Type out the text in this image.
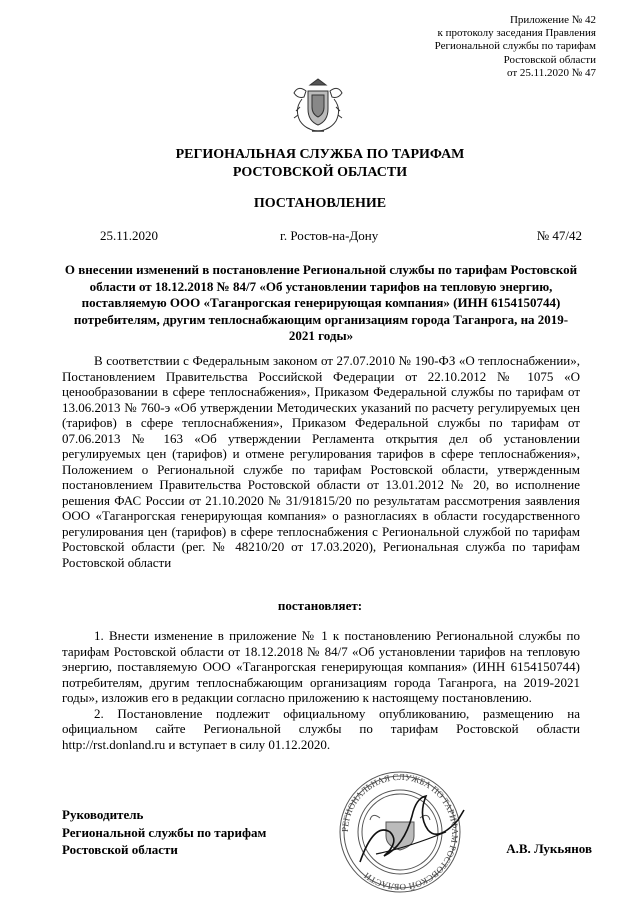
Приложение № 42
к протоколу заседания Правления
Региональной службы по тарифам
Ростовской области
от 25.11.2020 № 47
РЕГИОНАЛЬНАЯ СЛУЖБА ПО ТАРИФАМ
РОСТОВСКОЙ ОБЛАСТИ
ПОСТАНОВЛЕНИЕ
25.11.2020	г. Ростов-на-Дону	№ 47/42
О внесении изменений в постановление Региональной службы по тарифам Ростовской области от 18.12.2018 № 84/7 «Об установлении тарифов на тепловую энергию, поставляемую ООО «Таганрогская генерирующая компания» (ИНН 6154150744) потребителям, другим теплоснабжающим организациям города Таганрога, на 2019-2021 годы»
В соответствии с Федеральным законом от 27.07.2010 № 190-ФЗ «О теплоснабжении», Постановлением Правительства Российской Федерации от 22.10.2012 № 1075 «О ценообразовании в сфере теплоснабжения», Приказом Федеральной службы по тарифам от 13.06.2013 № 760-э «Об утверждении Методических указаний по расчету регулируемых цен (тарифов) в сфере теплоснабжения», Приказом Федеральной службы по тарифам от 07.06.2013 № 163 «Об утверждении Регламента открытия дел об установлении регулируемых цен (тарифов) и отмене регулирования тарифов в сфере теплоснабжения», Положением о Региональной службе по тарифам Ростовской области, утвержденным постановлением Правительства Ростовской области от 13.01.2012 № 20, во исполнение решения ФАС России от 21.10.2020 № 31/91815/20 по результатам рассмотрения заявления ООО «Таганрогская генерирующая компания» о разногласиях в области государственного регулирования цен (тарифов) в сфере теплоснабжения с Региональной службой по тарифам Ростовской области (рег. № 48210/20 от 17.03.2020), Региональная служба по тарифам Ростовской области
постановляет:

1. Внести изменение в приложение № 1 к постановлению Региональной службы по тарифам Ростовской области от 18.12.2018 № 84/7 «Об установлении тарифов на тепловую энергию, поставляемую ООО «Таганрогская генерирующая компания» (ИНН 6154150744) потребителям, другим теплоснабжающим организациям города Таганрога, на 2019-2021 годы», изложив его в редакции согласно приложению к настоящему постановлению.

2. Постановление подлежит официальному опубликованию, размещению на официальном сайте Региональной службы по тарифам Ростовской области http://rst.donland.ru и вступает в силу 01.12.2020.

РЕГИОНАЛЬНАЯ СЛУЖБА ПО ТАРИФАМ РОСТОВСКОЙ ОБЛАСТИ
Руководитель
Региональной службы по тарифам
Ростовской области	А.В. Лукьянов
